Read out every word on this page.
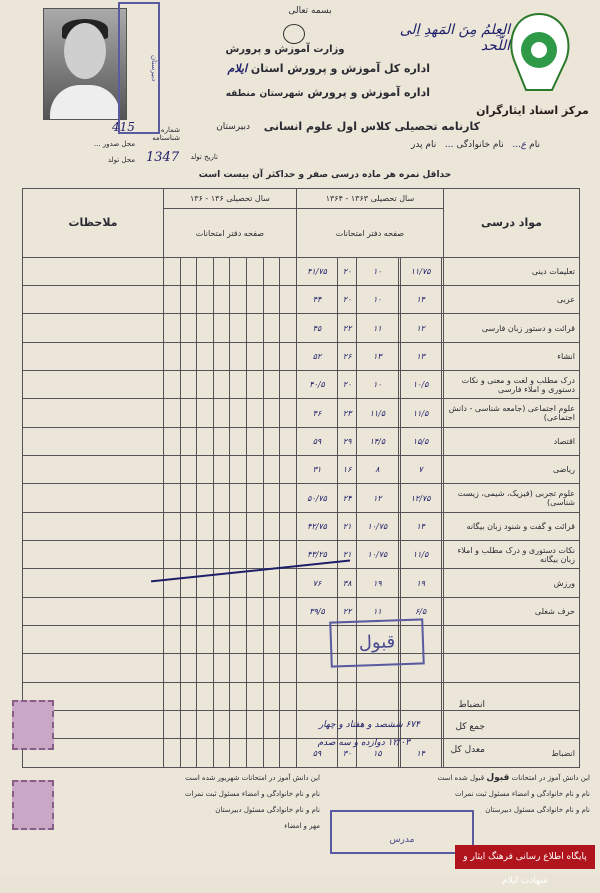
دبیرستان
بسمه تعالی
وزارت آموزش و پرورش
اداره کل آموزش و پرورش استان ایلام
اداره آموزش و پرورش شهرستان منطقه
العِلمُ مِنَ المَهدِ اِلی اللَّحد
مرکز اسناد ایثارگران
کارنامه تحصیلی کلاس اول علوم انسانی
دبیرستان
شماره شناسنامه
415
نام ع...   نام خانوادگی ...   نام پدر
محل صدور ...
تاریخ تولد
1347
محل تولد
حداقل نمره هر ماده درسی صفر و حداکثر آن بیست است
ملاحظات	سال تحصیلی ۱۳۶ - ۱۳۶								سال تحصیلی ۱۳۶۳ - ۱۳۶۴						مواد درسی
	صفحه دفتر امتحانات								صفحه دفتر امتحانات						
									۴۱/۷۵	۲۰	۱۰		۱۱/۷۵		تعلیمات دینی
									۴۴	۲۰	۱۰		۱۴		عربی
									۴۵	۲۲	۱۱		۱۲		قرائت و دستور زبان فارسی
									۵۲	۲۶	۱۳		۱۳		انشاء
									۴۰/۵	۲۰	۱۰		۱۰/۵		درک مطلب و لغت و معنی و نکات دستوری و املاء فارسی
									۴۶	۲۳	۱۱/۵		۱۱/۵		علوم اجتماعی (جامعه شناسی - دانش اجتماعی)
									۵۹	۲۹	۱۴/۵		۱۵/۵		اقتصاد
									۳۱	۱۶	۸		۷		ریاضی
									۵۰/۷۵	۲۴	۱۲		۱۲/۷۵		علوم تجربی (فیزیک، شیمی، زیست شناسی)
									۴۲/۷۵	۲۱	۱۰/۷۵		۱۴		قرائت و گفت و شنود زبان بیگانه
									۴۳/۲۵	۲۱	۱۰/۷۵		۱۱/۵		نکات دستوری و درک مطلب و املاء زبان بیگانه
									۷۶	۳۸	۱۹		۱۹		ورزش
									۳۹/۵	۲۲	۱۱		۶/۵		حرف شغلی

									۵۹	۳۰	۱۵		۱۴		انضباط
قبول
انضباط
جمع کل
۶۷۴ ششصد و هفتاد و چهار
معدل کل
۱۲/۰۳ دوازده و سه صدم
این دانش آموز در امتحانات قبول قبول شده است
نام و نام خانوادگی و امضاء مسئول ثبت نمرات
نام و نام خانوادگی مسئول دبیرستان
این دانش آموز در امتحانات شهریور شده است
نام و نام خانوادگی و امضاء مسئول ثبت نمرات
نام و نام خانوادگی مسئول دبیرستان
مهر و امضاء
مدرس
پایگاه اطلاع رسانی فرهنگ ایثار و شهادت ایلام
